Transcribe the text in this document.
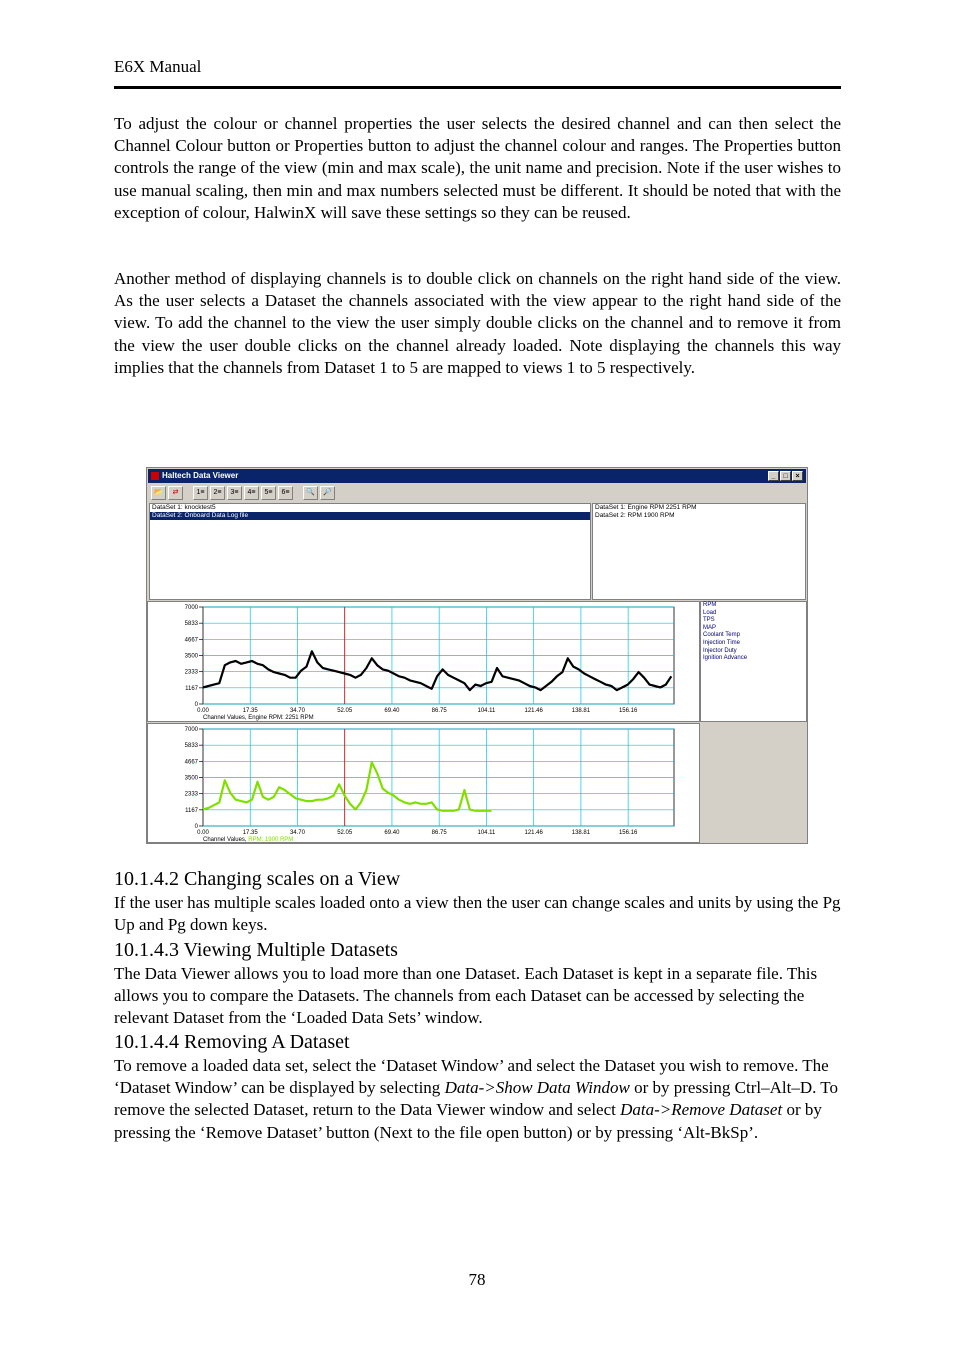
E6X Manual

To adjust the colour or channel properties the user selects the desired channel and can then select the Channel Colour button or Properties button to adjust the channel colour and ranges. The Properties button controls the range of the view (min and max scale), the unit name and precision. Note if the user wishes to use manual scaling, then min and max numbers selected must be different. It should be noted that with the exception of colour, HalwinX will save these settings so they can be reused.

Another method of displaying channels is to double click on channels on the right hand side of the view. As the user selects a Dataset the channels associated with the view appear to the right hand side of the view. To add the channel to the view the user simply double clicks on the channel and to remove it from the view the user double clicks on the channel already loaded. Note displaying the channels this way implies that the channels from Dataset 1 to 5 are mapped to views 1 to 5 respectively.

Haltech Data Viewer	_	□	×
📂	⇄	1≡	2≡	3≡	4≡	5≡	6≡	🔍	🔎
DataSet 1: knocktest5
DataSet 2: Onboard Data Log file
DataSet 1: Engine RPM 2251 RPM
DataSet 2: RPM 1900 RPM
7000
5833
4667
3500
2333
1167
0
0.00	17.35	34.70	52.05	69.40	86.75	104.11	121.46	138.81	156.16
Channel Values, Engine RPM: 2251 RPM
7000
5833
4667
3500
2333
1167
0
0.00	17.35	34.70	52.05	69.40	86.75	104.11	121.46	138.81	156.16
Channel Values, RPM: 1900 RPM
RPM
Load
TPS
MAP
Coolant Temp
Injection Time
Injector Duty
Ignition Advance
10.1.4.2 Changing scales on a View

If the user has multiple scales loaded onto a view then the user can change scales and units by using the Pg Up and Pg down keys.

10.1.4.3 Viewing Multiple Datasets

The Data Viewer allows you to load more than one Dataset. Each Dataset is kept in a separate file. This allows you to compare the Datasets. The channels from each Dataset can be accessed by selecting the relevant Dataset from the ‘Loaded Data Sets’ window.

10.1.4.4 Removing A Dataset

To remove a loaded data set, select the ‘Dataset Window’ and select the Dataset you wish to remove. The ‘Dataset Window’ can be displayed by selecting Data->Show Data Window or by pressing Ctrl–Alt–D. To remove the selected Dataset, return to the Data Viewer window and select Data->Remove Dataset or by pressing the ‘Remove Dataset’ button (Next to the file open button) or by pressing ‘Alt-BkSp’.

78
